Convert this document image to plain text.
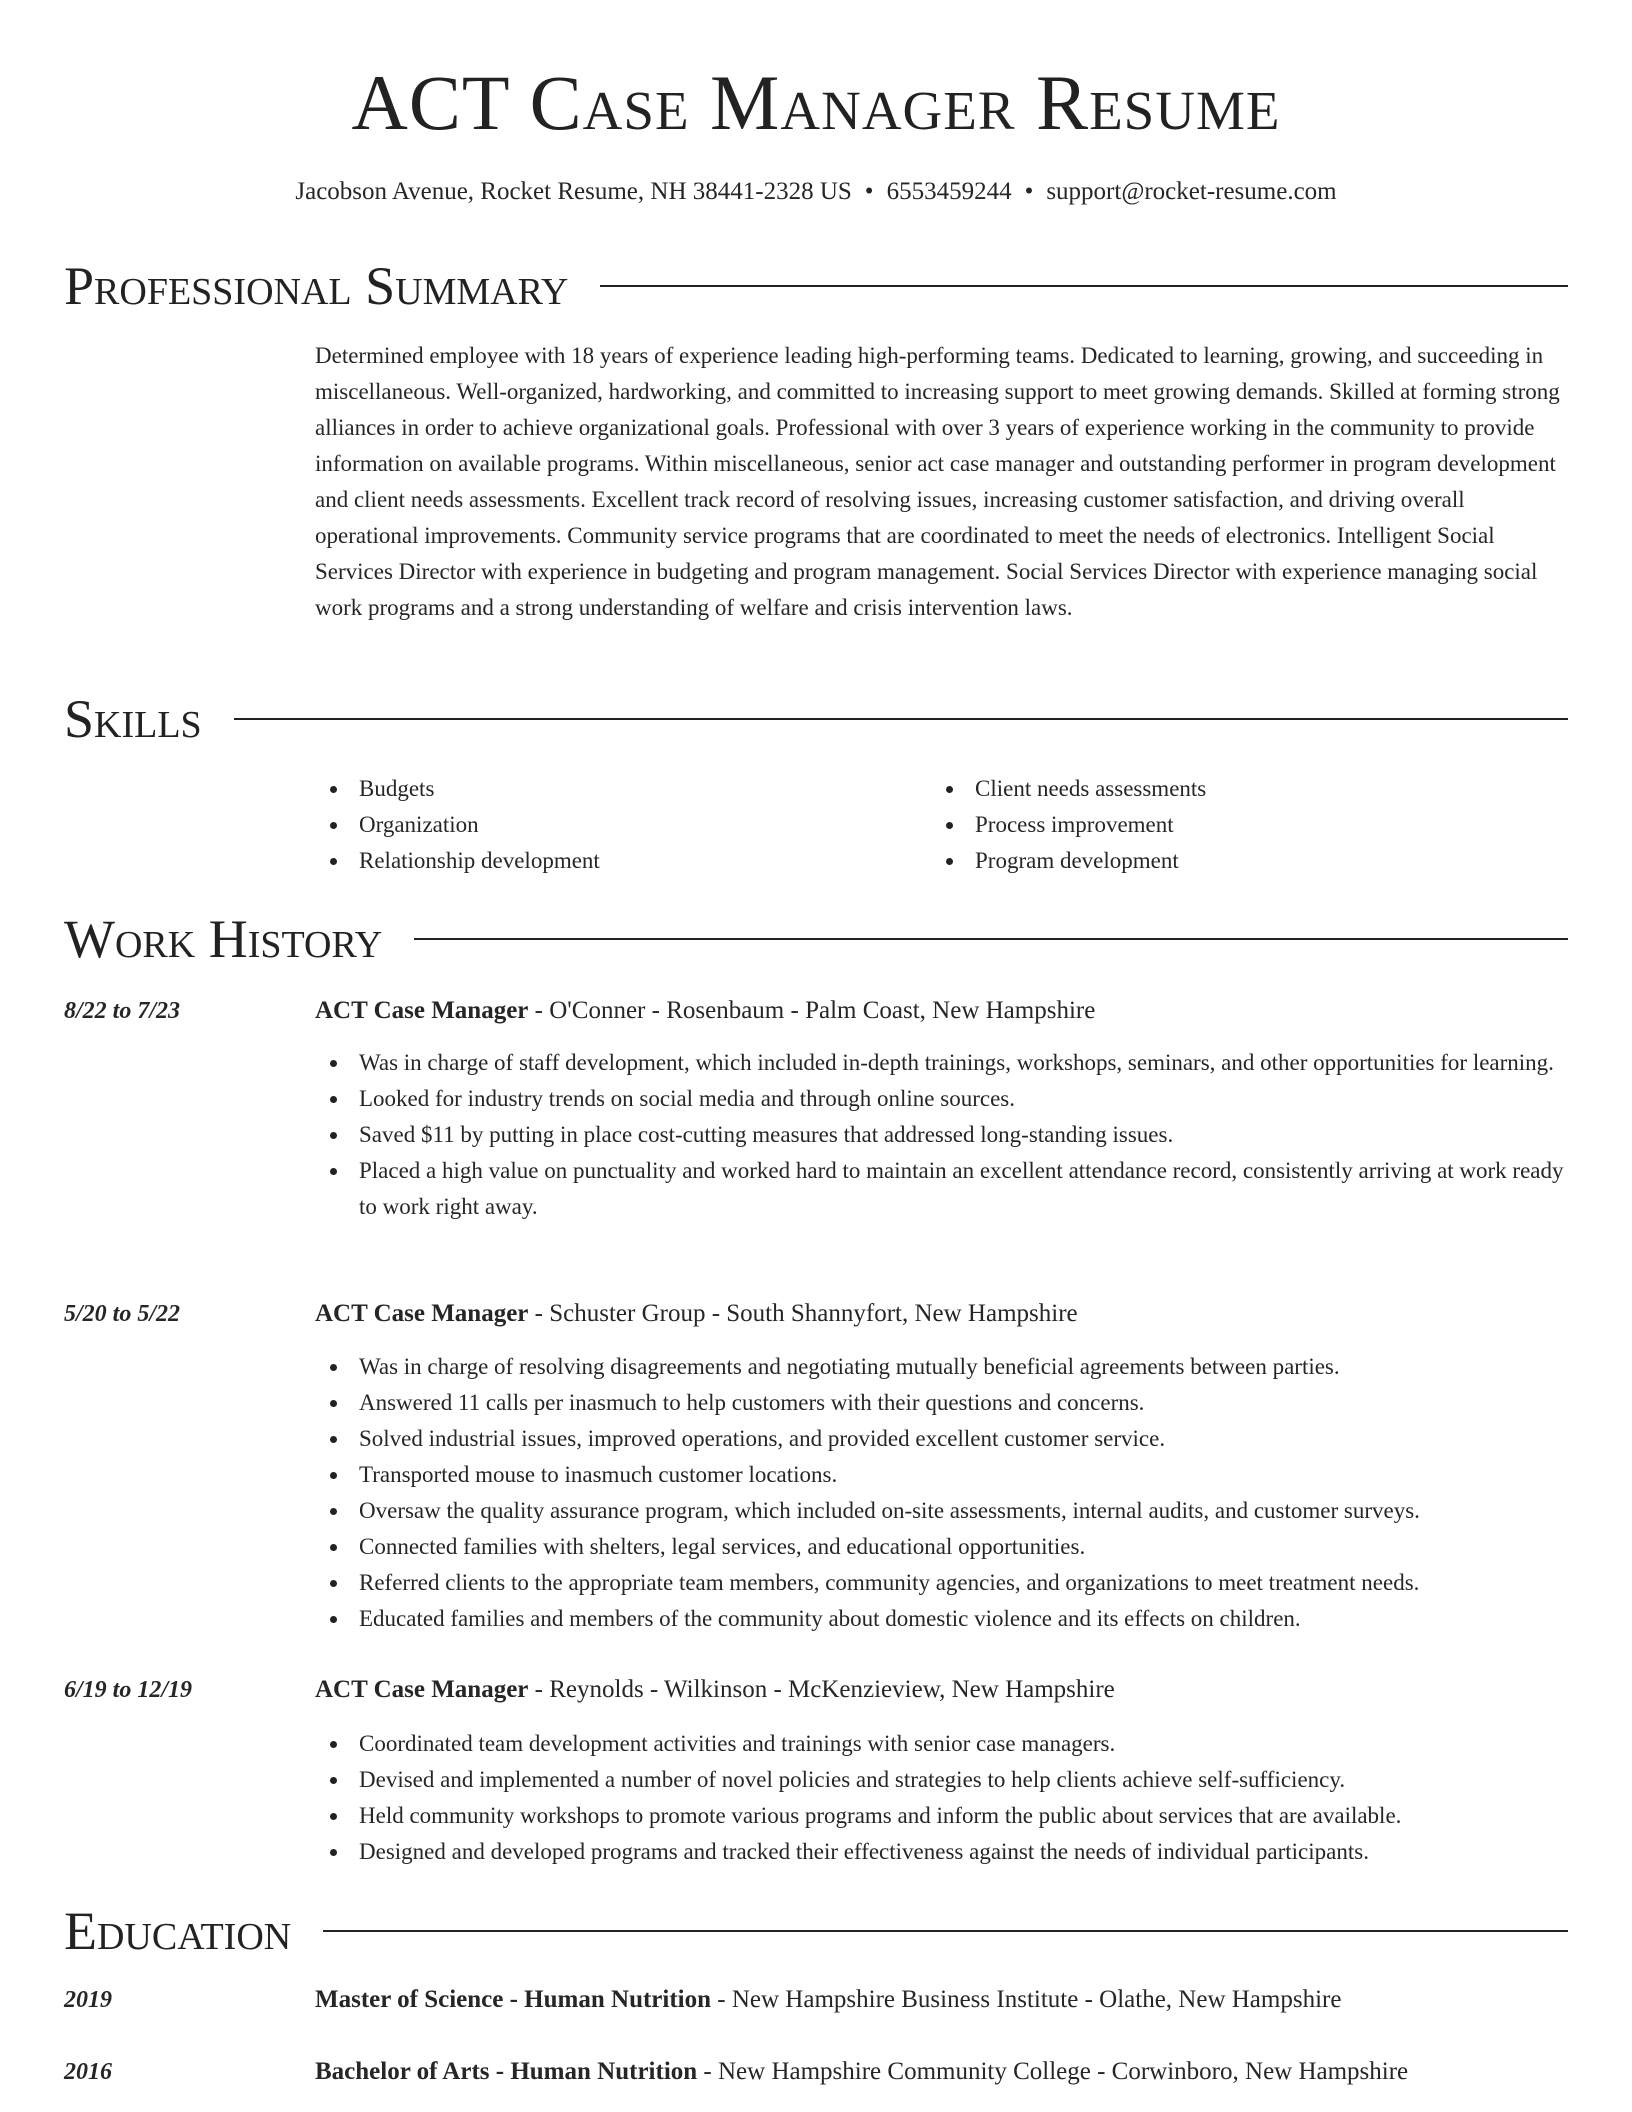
ACT Case Manager Resume
Jacobson Avenue, Rocket Resume, NH 38441-2328 US • 6553459244 • support@rocket-resume.com
Professional Summary

Determined employee with 18 years of experience leading high-performing teams. Dedicated to learning, growing, and succeeding in miscellaneous. Well-organized, hardworking, and committed to increasing support to meet growing demands. Skilled at forming strong alliances in order to achieve organizational goals. Professional with over 3 years of experience working in the community to provide information on available programs. Within miscellaneous, senior act case manager and outstanding performer in program development and client needs assessments. Excellent track record of resolving issues, increasing customer satisfaction, and driving overall operational improvements. Community service programs that are coordinated to meet the needs of electronics. Intelligent Social Services Director with experience in budgeting and program management. Social Services Director with experience managing social work programs and a strong understanding of welfare and crisis intervention laws.

Skills
Budgets
Organization
Relationship development
Client needs assessments
Process improvement
Program development
Work History
8/22 to 7/23	ACT Case Manager - O'Conner - Rosenbaum - Palm Coast, New Hampshire
Was in charge of staff development, which included in-depth trainings, workshops, seminars, and other opportunities for learning.
Looked for industry trends on social media and through online sources.
Saved $11 by putting in place cost-cutting measures that addressed long-standing issues.
Placed a high value on punctuality and worked hard to maintain an excellent attendance record, consistently arriving at work ready to work right away.
5/20 to 5/22	ACT Case Manager - Schuster Group - South Shannyfort, New Hampshire
Was in charge of resolving disagreements and negotiating mutually beneficial agreements between parties.
Answered 11 calls per inasmuch to help customers with their questions and concerns.
Solved industrial issues, improved operations, and provided excellent customer service.
Transported mouse to inasmuch customer locations.
Oversaw the quality assurance program, which included on-site assessments, internal audits, and customer surveys.
Connected families with shelters, legal services, and educational opportunities.
Referred clients to the appropriate team members, community agencies, and organizations to meet treatment needs.
Educated families and members of the community about domestic violence and its effects on children.
6/19 to 12/19	ACT Case Manager - Reynolds - Wilkinson - McKenzieview, New Hampshire
Coordinated team development activities and trainings with senior case managers.
Devised and implemented a number of novel policies and strategies to help clients achieve self-sufficiency.
Held community workshops to promote various programs and inform the public about services that are available.
Designed and developed programs and tracked their effectiveness against the needs of individual participants.
Education
2019	Master of Science - Human Nutrition - New Hampshire Business Institute - Olathe, New Hampshire
2016	Bachelor of Arts - Human Nutrition - New Hampshire Community College - Corwinboro, New Hampshire
